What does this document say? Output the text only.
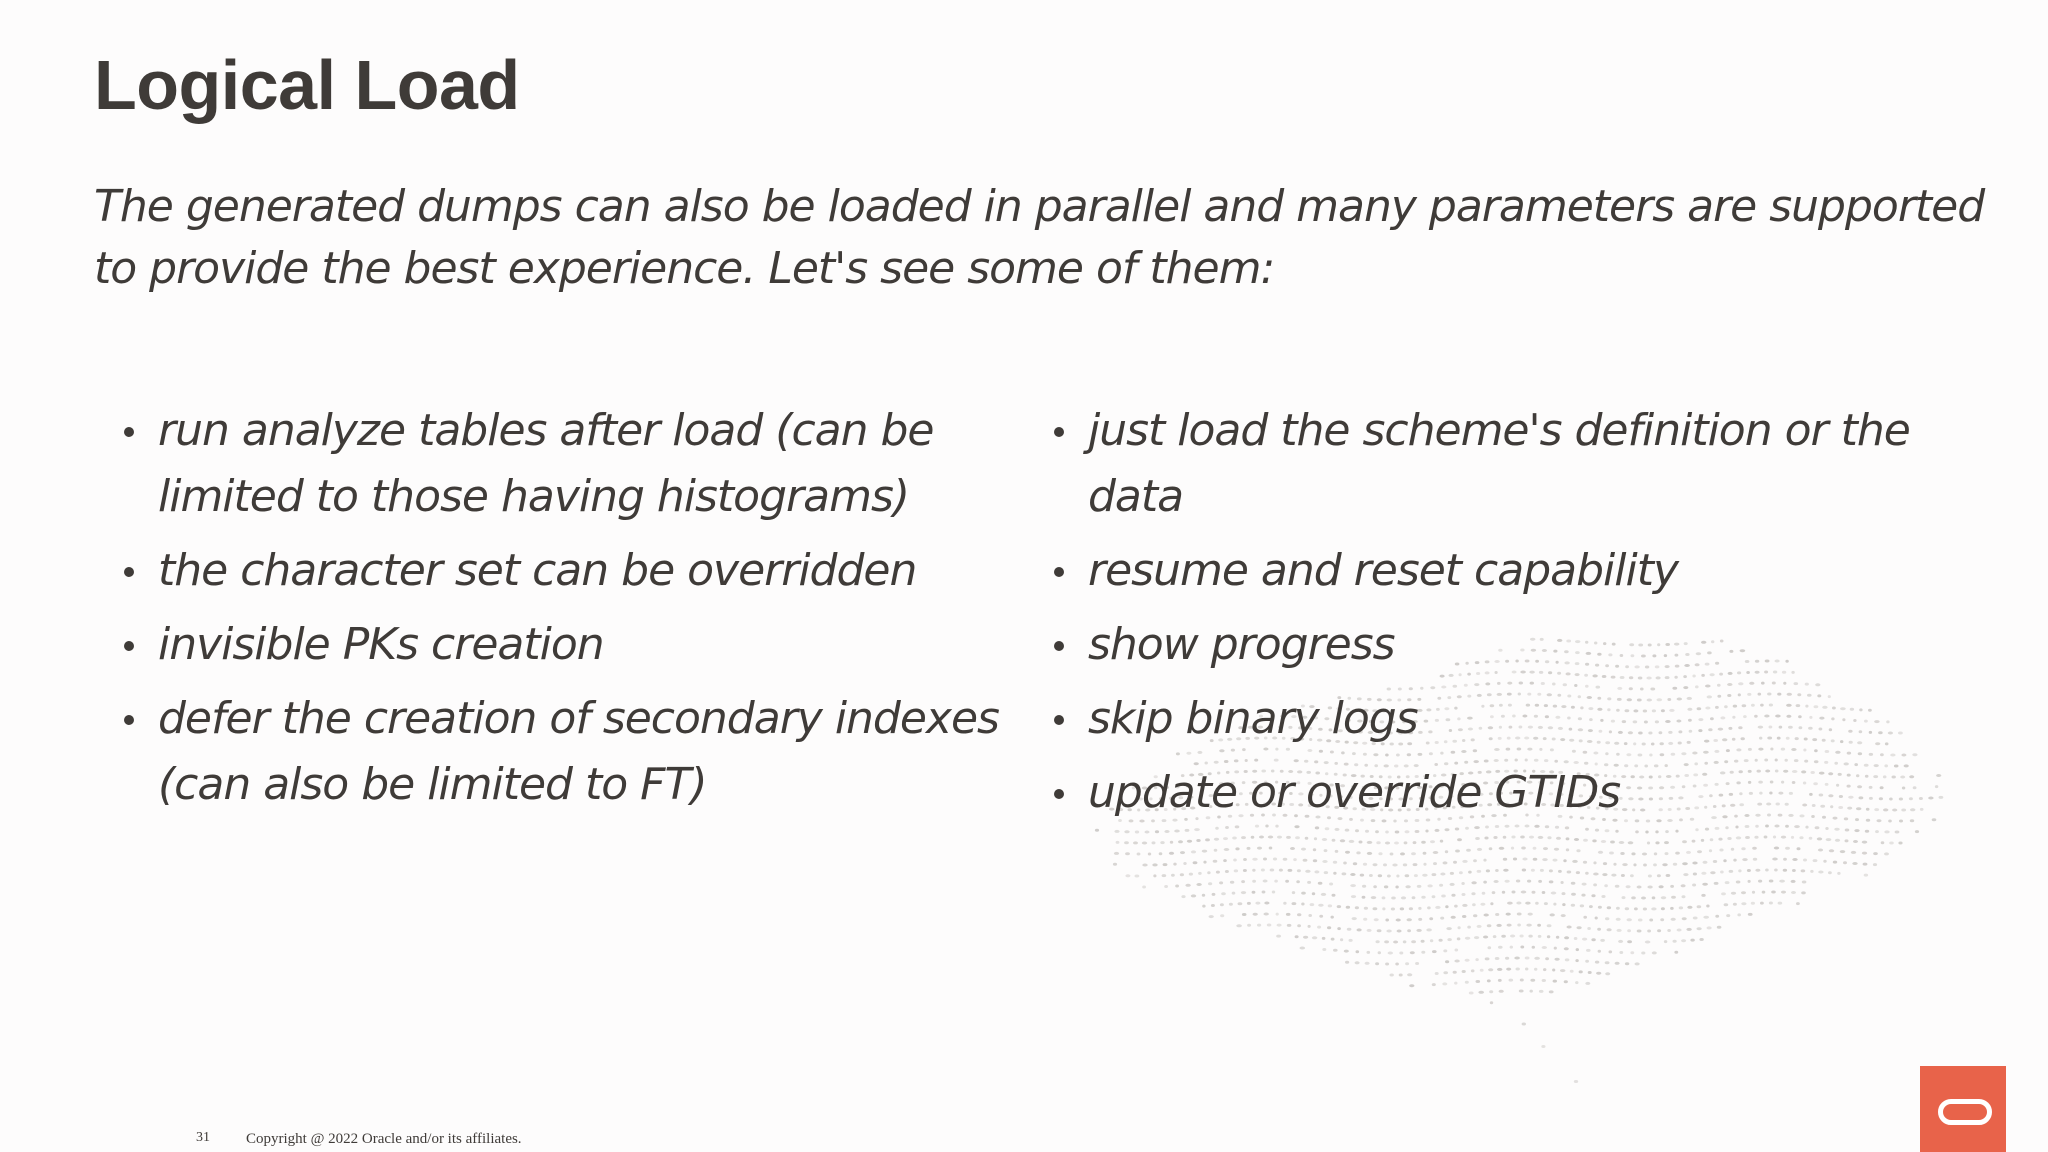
Logical Load

The generated dumps can also be loaded in parallel and many parameters are supported to provide the best experience. Let's see some of them:

run analyze tables after load (can be limited to those having histograms)
the character set can be overridden
invisible PKs creation
defer the creation of secondary indexes (can also be limited to FT)
just load the scheme's definition or the data
resume and reset capability
show progress
skip binary logs
update or override GTIDs
31 Copyright @ 2022 Oracle and/or its affiliates.
